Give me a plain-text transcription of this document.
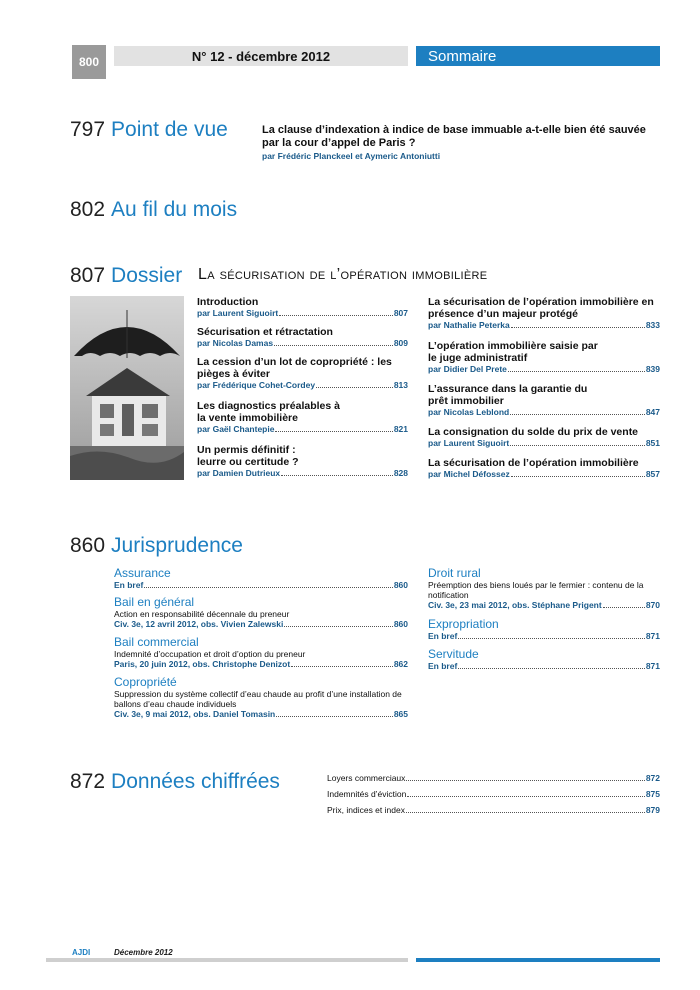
800	N° 12 - décembre 2012	Sommaire
797 Point de vue	La clause d’indexation à indice de base immuable a-t-elle bien été sauvée par la cour d’appel de Paris ?
par Frédéric Planckeel et Aymeric Antoniutti
802 Au fil du mois
807 Dossier La sécurisation de l’opération immobilière
Introduction
par Laurent Siguoirt	807
Sécurisation et rétractation
par Nicolas Damas	809
La cession d’un lot de copropriété : les pièges à éviter
par Frédérique Cohet-Cordey	813
Les diagnostics préalables à la vente immobilière
par Gaël Chantepie	821
Un permis définitif : leurre ou certitude ?
par Damien Dutrieux	828
La sécurisation de l’opération immobilière en présence d’un majeur protégé
par Nathalie Peterka	833
L’opération immobilière saisie par le juge administratif
par Didier Del Prete	839
L’assurance dans la garantie du prêt immobilier
par Nicolas Leblond	847
La consignation du solde du prix de vente
par Laurent Siguoirt	851
La sécurisation de l’opération immobilière
par Michel Défossez	857
860 Jurisprudence
Assurance
En bref	860
Bail en général
Action en responsabilité décennale du preneur
Civ. 3e, 12 avril 2012, obs. Vivien Zalewski	860
Bail commercial
Indemnité d’occupation et droit d’option du preneur
Paris, 20 juin 2012, obs. Christophe Denizot	862
Copropriété
Suppression du système collectif d’eau chaude au profit d’une installation de ballons d’eau chaude individuels
Civ. 3e, 9 mai 2012, obs. Daniel Tomasin	865
Droit rural
Préemption des biens loués par le fermier : contenu de la notification
Civ. 3e, 23 mai 2012, obs. Stéphane Prigent	870
Expropriation
En bref	871
Servitude
En bref	871
872 Données chiffrées	Loyers commerciaux	872
Indemnités d’éviction	875
Prix, indices et index	879
AJDI	Décembre 2012
